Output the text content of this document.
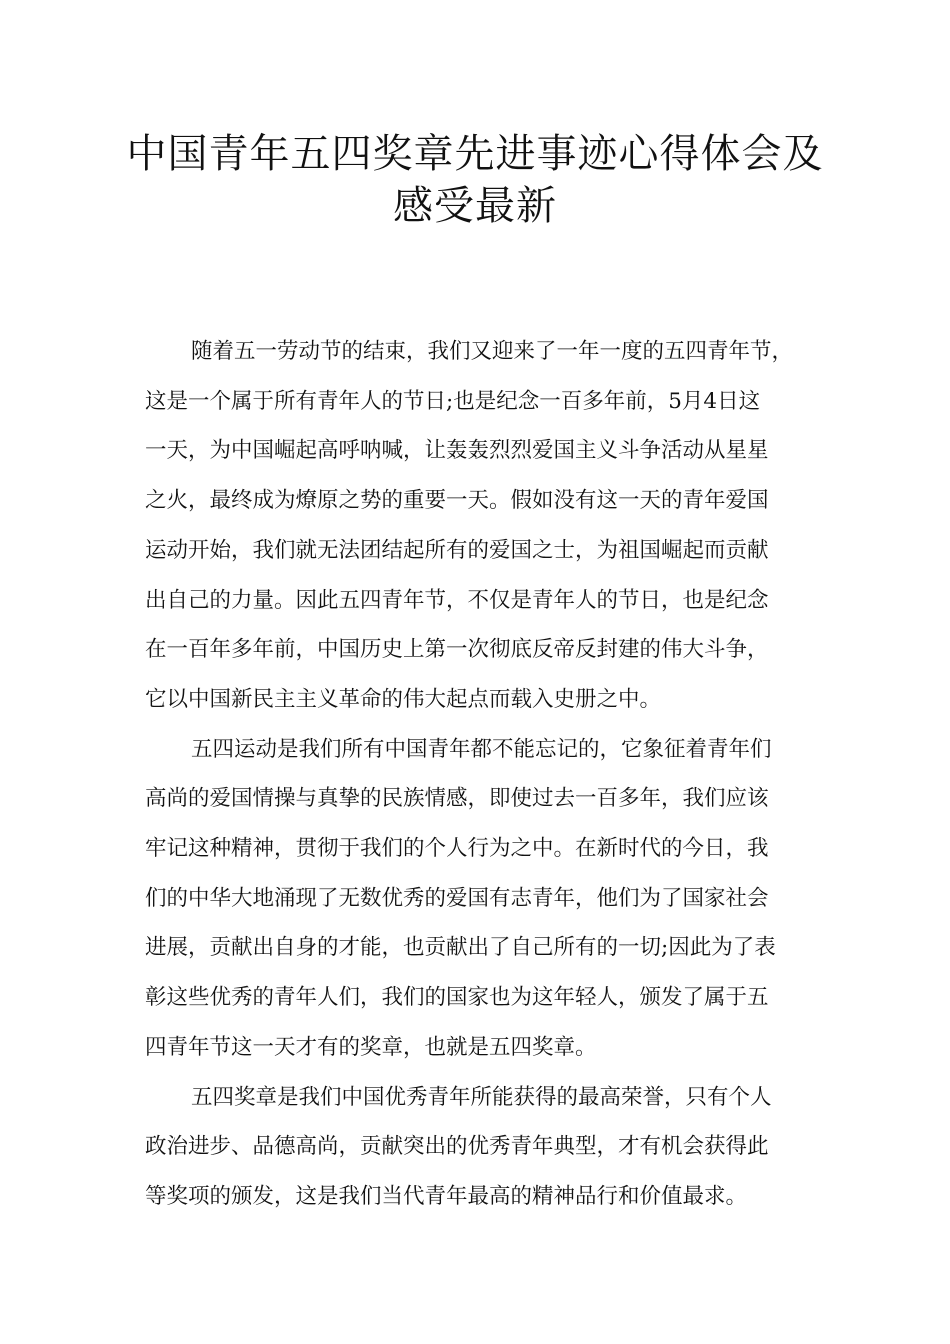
中国青年五四奖章先进事迹心得体会及
感受最新

随着五一劳动节的结束，我们又迎来了一年一度的五四青年节，
这是一个属于所有青年人的节日;也是纪念一百多年前，5月4日这
一天，为中国崛起高呼呐喊，让轰轰烈烈爱国主义斗争活动从星星
之火，最终成为燎原之势的重要一天。假如没有这一天的青年爱国
运动开始，我们就无法团结起所有的爱国之士，为祖国崛起而贡献
出自己的力量。因此五四青年节，不仅是青年人的节日，也是纪念
在一百年多年前，中国历史上第一次彻底反帝反封建的伟大斗争，
它以中国新民主主义革命的伟大起点而载入史册之中。

五四运动是我们所有中国青年都不能忘记的，它象征着青年们
高尚的爱国情操与真挚的民族情感，即使过去一百多年，我们应该
牢记这种精神，贯彻于我们的个人行为之中。在新时代的今日，我
们的中华大地涌现了无数优秀的爱国有志青年，他们为了国家社会
进展，贡献出自身的才能，也贡献出了自己所有的一切;因此为了表
彰这些优秀的青年人们，我们的国家也为这年轻人，颁发了属于五
四青年节这一天才有的奖章，也就是五四奖章。

五四奖章是我们中国优秀青年所能获得的最高荣誉，只有个人
政治进步、品德高尚，贡献突出的优秀青年典型，才有机会获得此
等奖项的颁发，这是我们当代青年最高的精神品行和价值最求。
